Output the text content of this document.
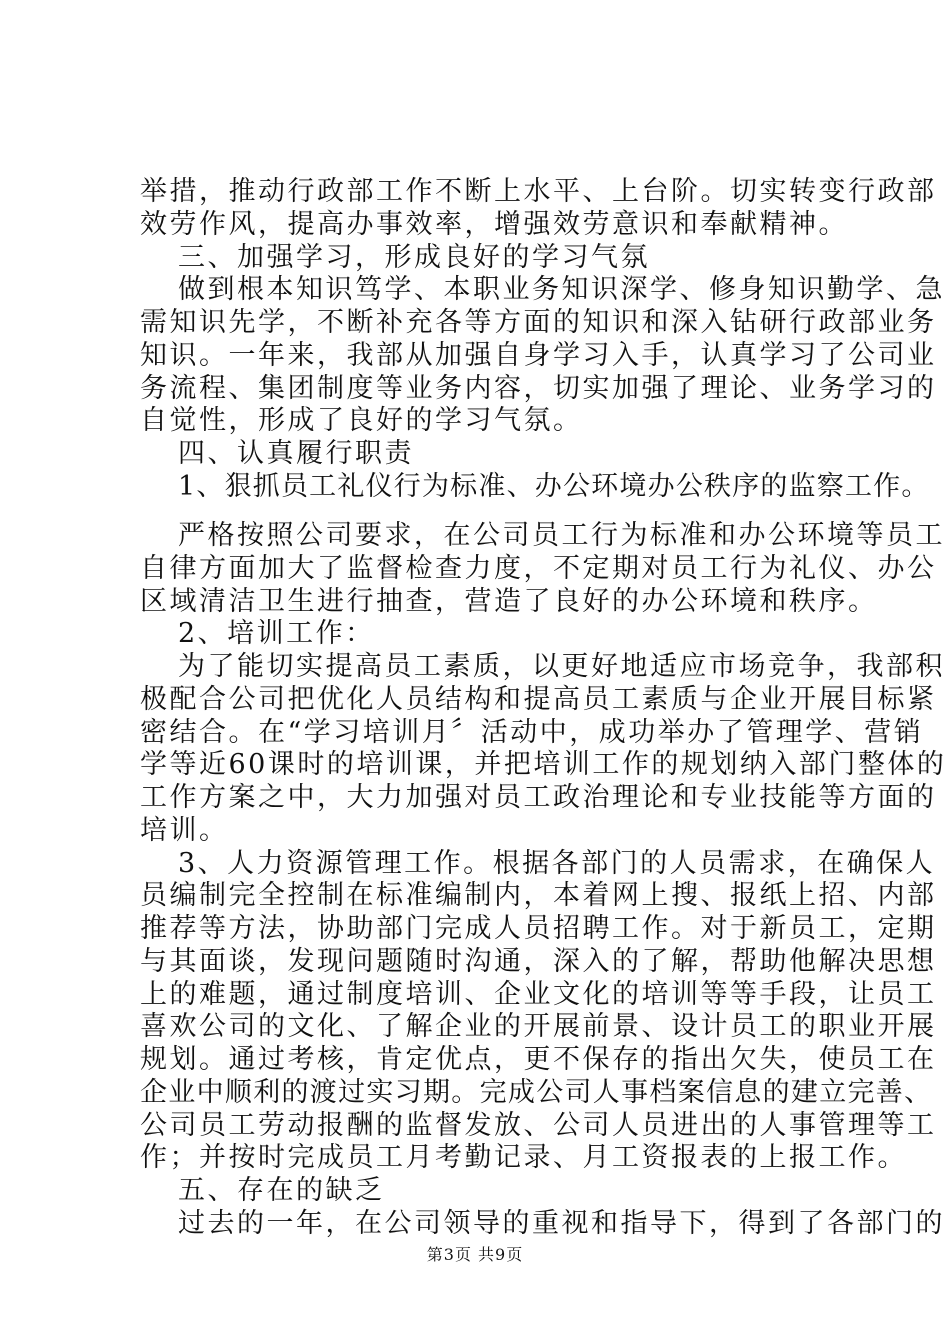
举措，推动行政部工作不断上水平、上台阶。切实转变行政部
效劳作风，提高办事效率，增强效劳意识和奉献精神。
三、加强学习，形成良好的学习气氛
做到根本知识笃学、本职业务知识深学、修身知识勤学、急
需知识先学，不断补充各等方面的知识和深入钻研行政部业务
知识。一年来，我部从加强自身学习入手，认真学习了公司业
务流程、集团制度等业务内容，切实加强了理论、业务学习的
自觉性，形成了良好的学习气氛。
四、认真履行职责
1、狠抓员工礼仪行为标准、办公环境办公秩序的监察工作。
严格按照公司要求，在公司员工行为标准和办公环境等员工
自律方面加大了监督检查力度，不定期对员工行为礼仪、办公
区域清洁卫生进行抽查，营造了良好的办公环境和秩序。
2、培训工作：
为了能切实提高员工素质，以更好地适应市场竞争，我部积
极配合公司把优化人员结构和提高员工素质与企业开展目标紧
密结合。在“学习培训月〞活动中，成功举办了管理学、营销
学等近60课时的培训课，并把培训工作的规划纳入部门整体的
工作方案之中，大力加强对员工政治理论和专业技能等方面的
培训。
3、人力资源管理工作。根据各部门的人员需求，在确保人
员编制完全控制在标准编制内，本着网上搜、报纸上招、内部
推荐等方法，协助部门完成人员招聘工作。对于新员工，定期
与其面谈，发现问题随时沟通，深入的了解，帮助他解决思想
上的难题，通过制度培训、企业文化的培训等等手段，让员工
喜欢公司的文化、了解企业的开展前景、设计员工的职业开展
规划。通过考核，肯定优点，更不保存的指出欠失，使员工在
企业中顺利的渡过实习期。完成公司人事档案信息的建立完善、
公司员工劳动报酬的监督发放、公司人员进出的人事管理等工
作；并按时完成员工月考勤记录、月工资报表的上报工作。
五、存在的缺乏
过去的一年，在公司领导的重视和指导下，得到了各部门的
第3页 共9页
